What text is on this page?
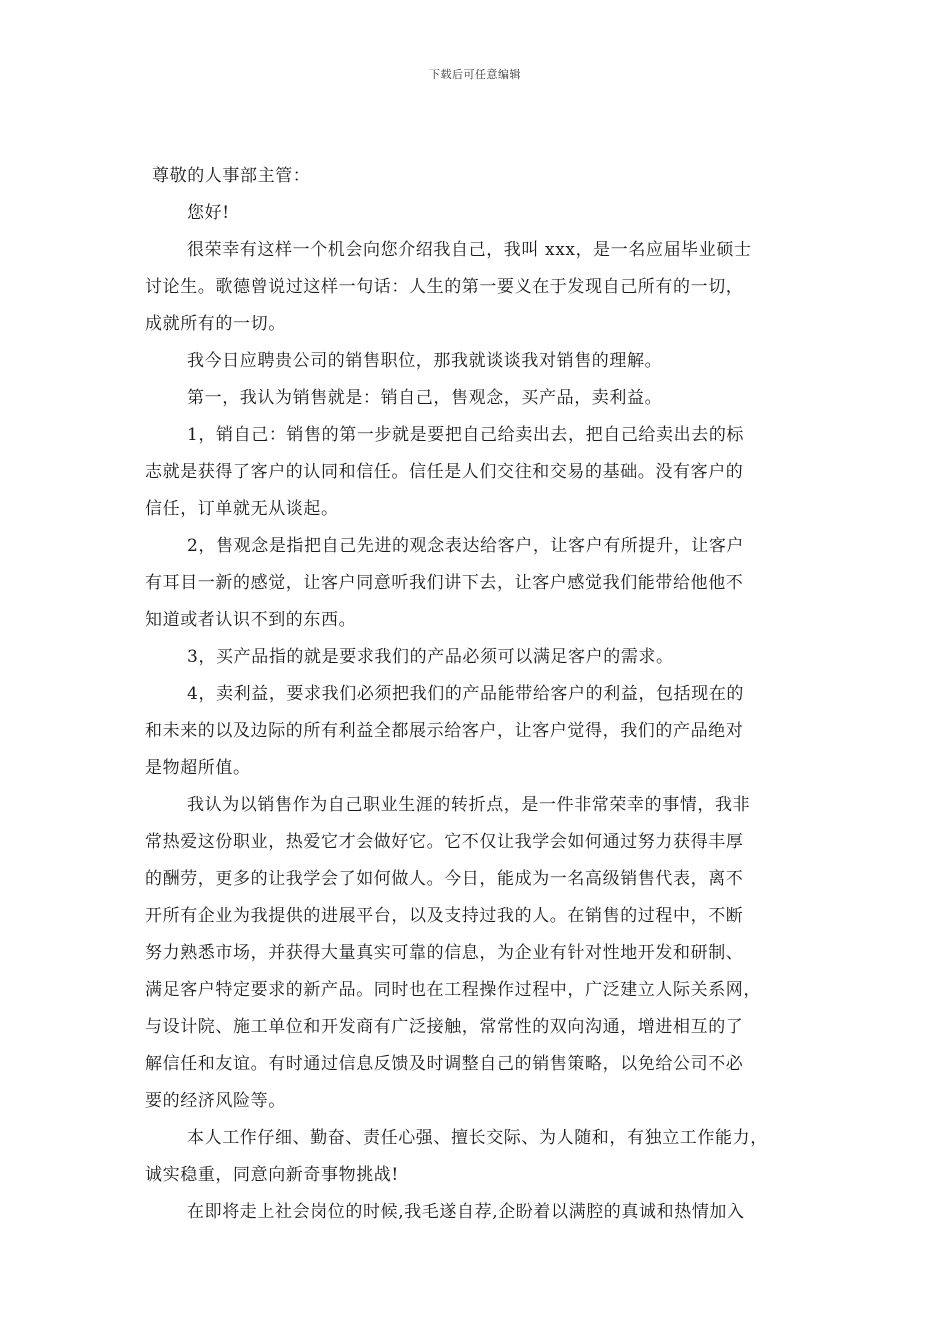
下载后可任意编辑
尊敬的人事部主管：
您好!
很荣幸有这样一个机会向您介绍我自己，我叫 xxx，是一名应届毕业硕士
讨论生。歌德曾说过这样一句话：人生的第一要义在于发现自己所有的一切，
成就所有的一切。
我今日应聘贵公司的销售职位，那我就谈谈我对销售的理解。
第一，我认为销售就是：销自己，售观念，买产品，卖利益。
1，销自己：销售的第一步就是要把自己给卖出去，把自己给卖出去的标
志就是获得了客户的认同和信任。信任是人们交往和交易的基础。没有客户的
信任，订单就无从谈起。
2，售观念是指把自己先进的观念表达给客户，让客户有所提升，让客户
有耳目一新的感觉，让客户同意听我们讲下去，让客户感觉我们能带给他他不
知道或者认识不到的东西。
3，买产品指的就是要求我们的产品必须可以满足客户的需求。
4，卖利益，要求我们必须把我们的产品能带给客户的利益，包括现在的
和未来的以及边际的所有利益全都展示给客户，让客户觉得，我们的产品绝对
是物超所值。
我认为以销售作为自己职业生涯的转折点，是一件非常荣幸的事情，我非
常热爱这份职业，热爱它才会做好它。它不仅让我学会如何通过努力获得丰厚
的酬劳，更多的让我学会了如何做人。今日，能成为一名高级销售代表，离不
开所有企业为我提供的进展平台，以及支持过我的人。在销售的过程中，不断
努力熟悉市场，并获得大量真实可靠的信息，为企业有针对性地开发和研制、
满足客户特定要求的新产品。同时也在工程操作过程中，广泛建立人际关系网，
与设计院、施工单位和开发商有广泛接触，常常性的双向沟通，增进相互的了
解信任和友谊。有时通过信息反馈及时调整自己的销售策略，以免给公司不必
要的经济风险等。
本人工作仔细、勤奋、责任心强、擅长交际、为人随和，有独立工作能力，
诚实稳重，同意向新奇事物挑战!
在即将走上社会岗位的时候,我毛遂自荐,企盼着以满腔的真诚和热情加入
